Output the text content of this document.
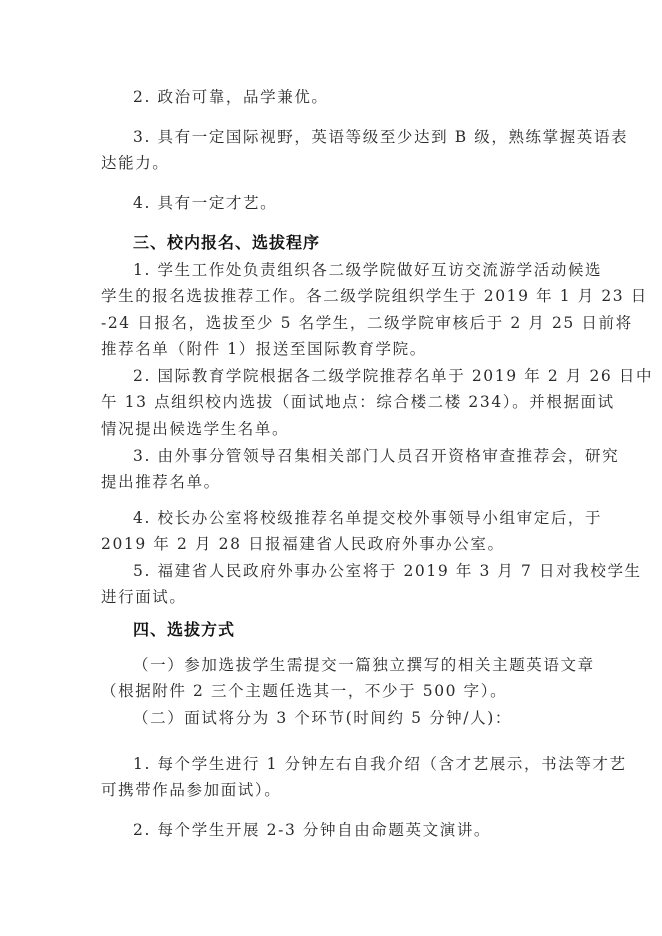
2. 政治可靠，品学兼优。
3. 具有一定国际视野，英语等级至少达到 B 级，熟练掌握英语表
达能力。
4. 具有一定才艺。
三、校内报名、选拔程序
1. 学生工作处负责组织各二级学院做好互访交流游学活动候选
学生的报名选拔推荐工作。各二级学院组织学生于 2019 年 1 月 23 日
-24 日报名，选拔至少 5 名学生，二级学院审核后于 2 月 25 日前将
推荐名单（附件 1）报送至国际教育学院。
2. 国际教育学院根据各二级学院推荐名单于 2019 年 2 月 26 日中
午 13 点组织校内选拔（面试地点：综合楼二楼 234）。并根据面试
情况提出候选学生名单。
3. 由外事分管领导召集相关部门人员召开资格审查推荐会，研究
提出推荐名单。
4. 校长办公室将校级推荐名单提交校外事领导小组审定后，于
2019 年 2 月 28 日报福建省人民政府外事办公室。
5. 福建省人民政府外事办公室将于 2019 年 3 月 7 日对我校学生
进行面试。
四、选拔方式
（一）参加选拔学生需提交一篇独立撰写的相关主题英语文章
（根据附件 2 三个主题任选其一，不少于 500 字）。
（二）面试将分为 3 个环节(时间约 5 分钟/人)：
1. 每个学生进行 1 分钟左右自我介绍（含才艺展示，书法等才艺
可携带作品参加面试）。
2. 每个学生开展 2-3 分钟自由命题英文演讲。
